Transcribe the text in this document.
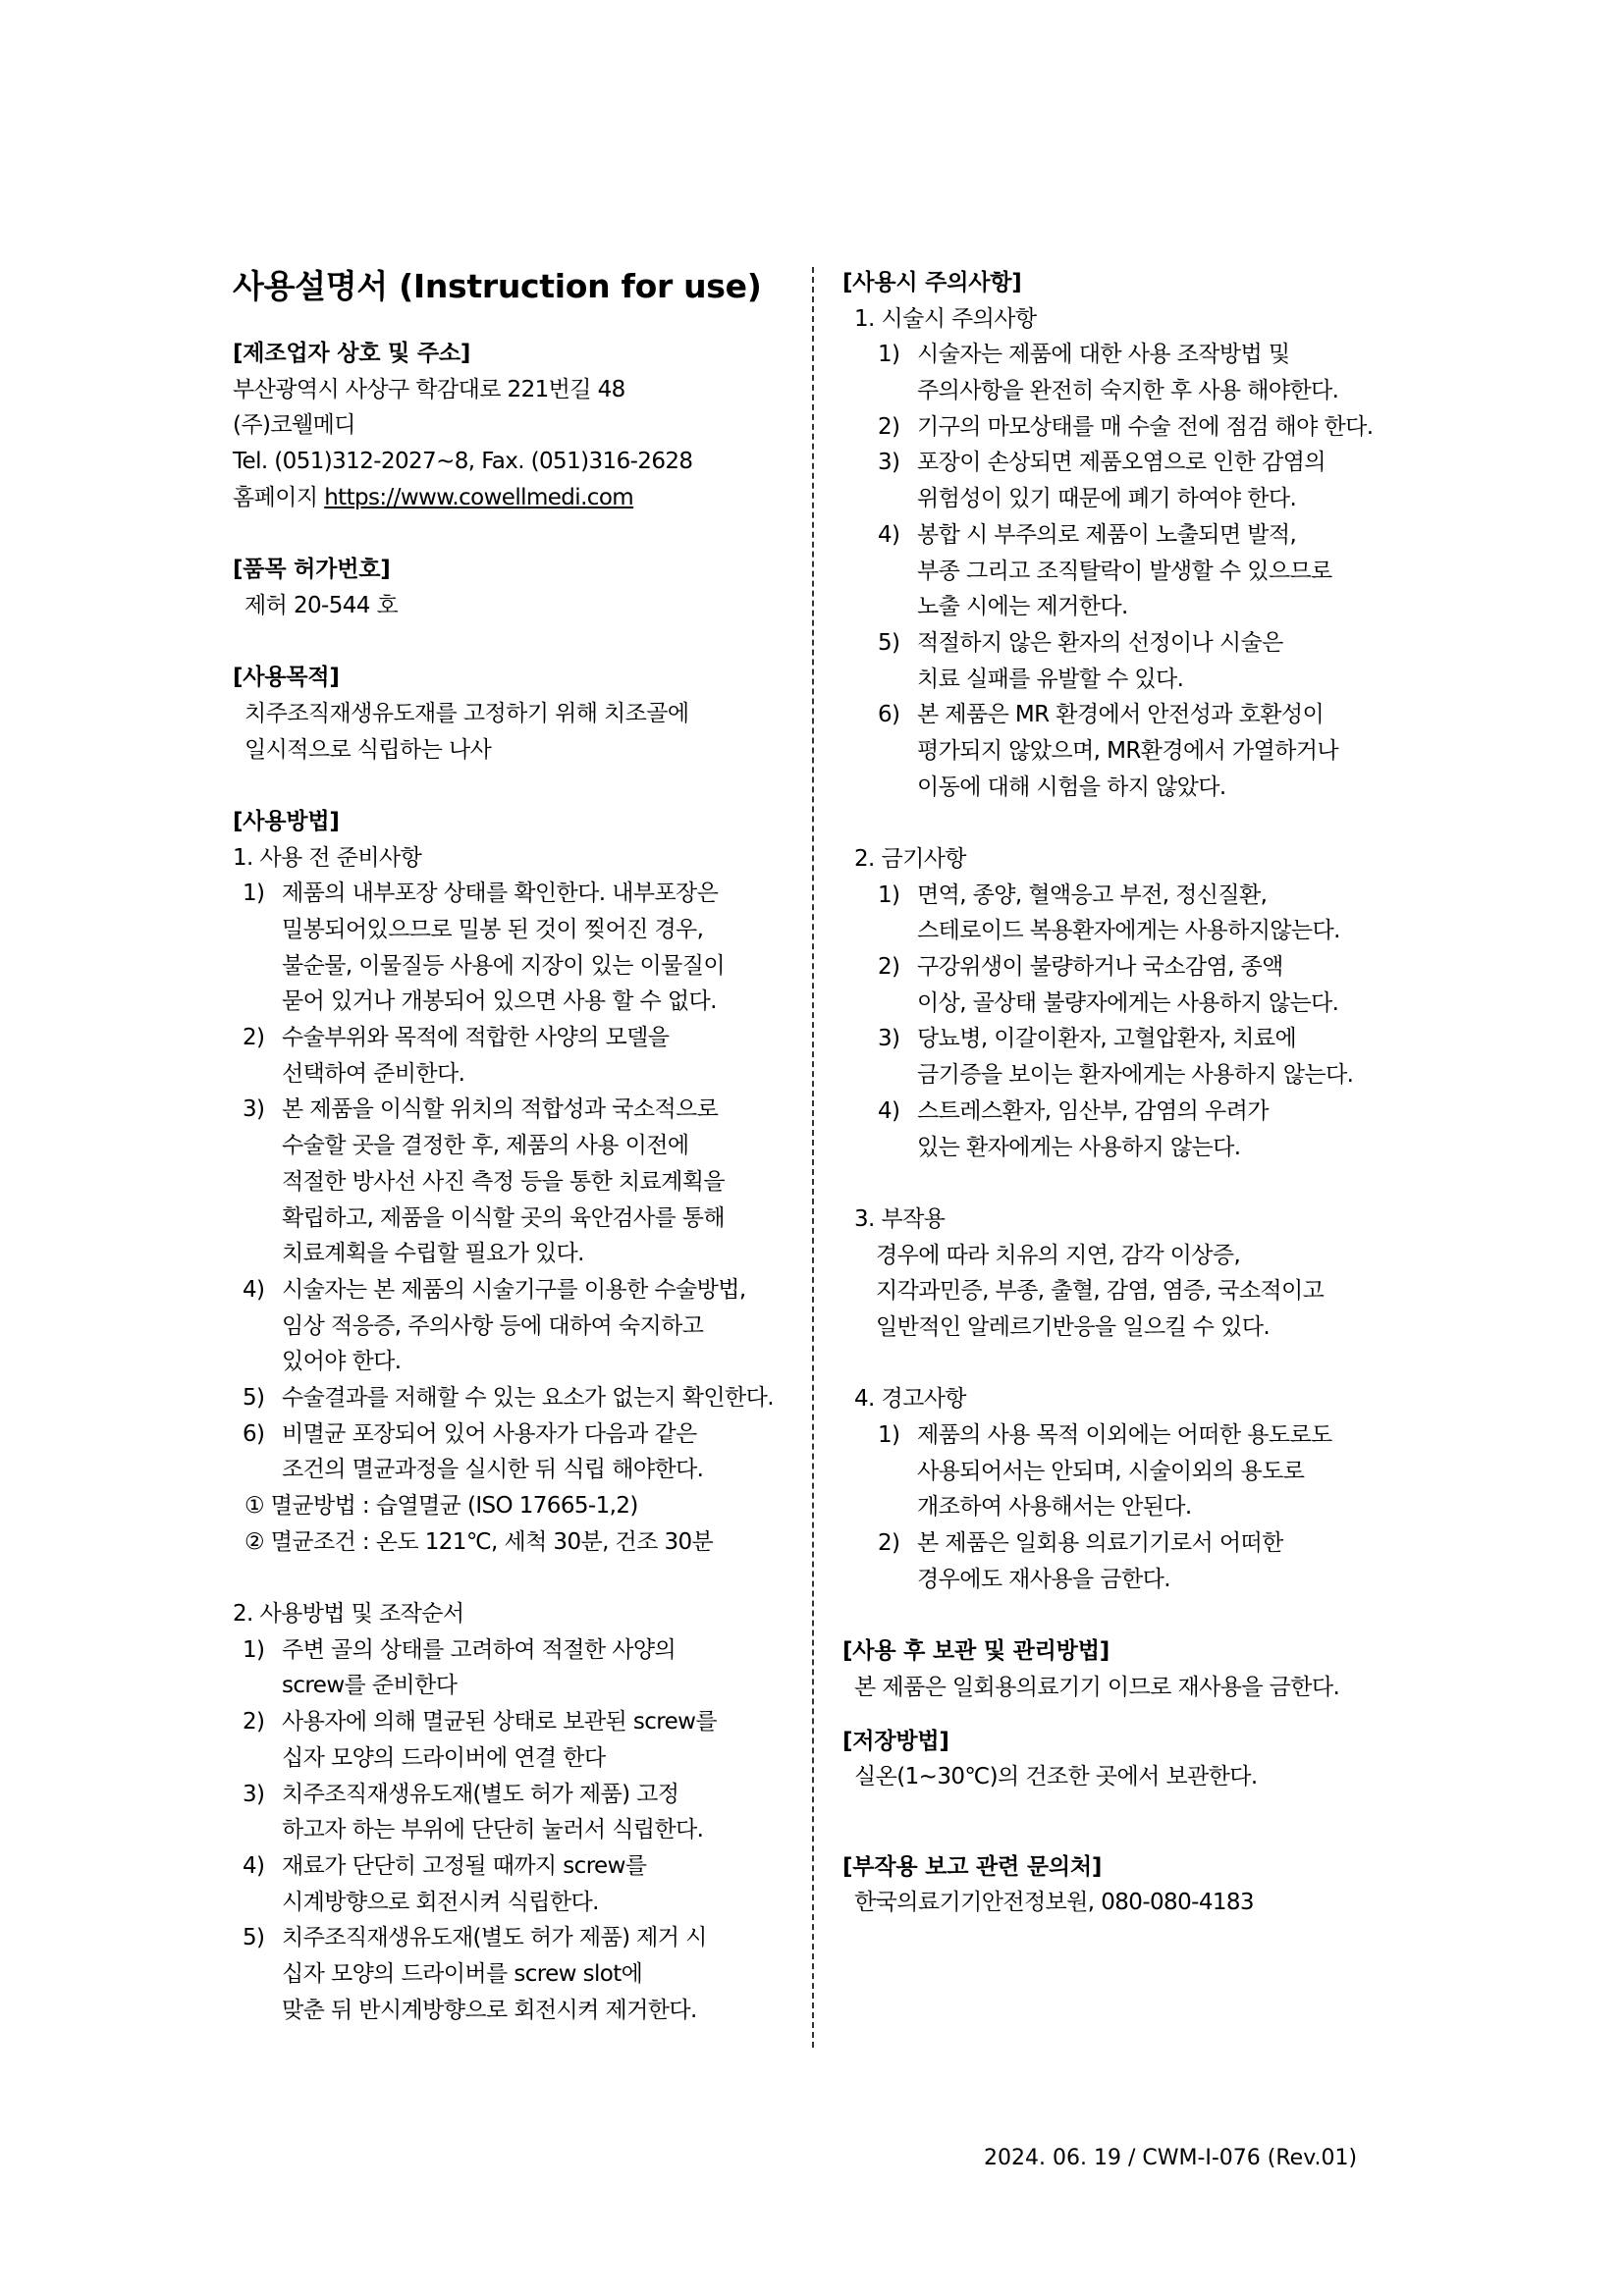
사용설명서 (Instruction for use)
[제조업자 상호 및 주소]
부산광역시 사상구 학감대로 221번길 48
(주)코웰메디
Tel. (051)312-2027~8, Fax. (051)316-2628
홈페이지 https://www.cowellmedi.com
[품목 허가번호]
제허 20-544 호
[사용목적]
치주조직재생유도재를 고정하기 위해 치조골에
일시적으로 식립하는 나사
[사용방법]
1. 사용 전 준비사항
1) 제품의 내부포장 상태를 확인한다. 내부포장은
밀봉되어있으므로 밀봉 된 것이 찢어진 경우,
불순물, 이물질등 사용에 지장이 있는 이물질이
묻어 있거나 개봉되어 있으면 사용 할 수 없다.
2) 수술부위와 목적에 적합한 사양의 모델을
선택하여 준비한다.
3) 본 제품을 이식할 위치의 적합성과 국소적으로
수술할 곳을 결정한 후, 제품의 사용 이전에
적절한 방사선 사진 측정 등을 통한 치료계획을
확립하고, 제품을 이식할 곳의 육안검사를 통해
치료계획을 수립할 필요가 있다.
4) 시술자는 본 제품의 시술기구를 이용한 수술방법,
임상 적응증, 주의사항 등에 대하여 숙지하고
있어야 한다.
5) 수술결과를 저해할 수 있는 요소가 없는지 확인한다.
6) 비멸균 포장되어 있어 사용자가 다음과 같은
조건의 멸균과정을 실시한 뒤 식립 해야한다.
① 멸균방법 : 습열멸균 (ISO 17665-1,2)
② 멸균조건 : 온도 121℃, 세척 30분, 건조 30분
2. 사용방법 및 조작순서
1) 주변 골의 상태를 고려하여 적절한 사양의
screw를 준비한다
2) 사용자에 의해 멸균된 상태로 보관된 screw를
십자 모양의 드라이버에 연결 한다
3) 치주조직재생유도재(별도 허가 제품) 고정
하고자 하는 부위에 단단히 눌러서 식립한다.
4) 재료가 단단히 고정될 때까지 screw를
시계방향으로 회전시켜 식립한다.
5) 치주조직재생유도재(별도 허가 제품) 제거 시
십자 모양의 드라이버를 screw slot에
맞춘 뒤 반시계방향으로 회전시켜 제거한다.
[사용시 주의사항]
1. 시술시 주의사항
1) 시술자는 제품에 대한 사용 조작방법 및
주의사항을 완전히 숙지한 후 사용 해야한다.
2) 기구의 마모상태를 매 수술 전에 점검 해야 한다.
3) 포장이 손상되면 제품오염으로 인한 감염의
위험성이 있기 때문에 폐기 하여야 한다.
4) 봉합 시 부주의로 제품이 노출되면 발적,
부종 그리고 조직탈락이 발생할 수 있으므로
노출 시에는 제거한다.
5) 적절하지 않은 환자의 선정이나 시술은
치료 실패를 유발할 수 있다.
6) 본 제품은 MR 환경에서 안전성과 호환성이
평가되지 않았으며, MR환경에서 가열하거나
이동에 대해 시험을 하지 않았다.
2. 금기사항
1) 면역, 종양, 혈액응고 부전, 정신질환,
스테로이드 복용환자에게는 사용하지않는다.
2) 구강위생이 불량하거나 국소감염, 종액
이상, 골상태 불량자에게는 사용하지 않는다.
3) 당뇨병, 이갈이환자, 고혈압환자, 치료에
금기증을 보이는 환자에게는 사용하지 않는다.
4) 스트레스환자, 임산부, 감염의 우려가
있는 환자에게는 사용하지 않는다.
3. 부작용
경우에 따라 치유의 지연, 감각 이상증,
지각과민증, 부종, 출혈, 감염, 염증, 국소적이고
일반적인 알레르기반응을 일으킬 수 있다.
4. 경고사항
1) 제품의 사용 목적 이외에는 어떠한 용도로도
사용되어서는 안되며, 시술이외의 용도로
개조하여 사용해서는 안된다.
2) 본 제품은 일회용 의료기기로서 어떠한
경우에도 재사용을 금한다.
[사용 후 보관 및 관리방법]
본 제품은 일회용의료기기 이므로 재사용을 금한다.
[저장방법]
실온(1~30℃)의 건조한 곳에서 보관한다.
[부작용 보고 관련 문의처]
한국의료기기안전정보원, 080-080-4183
2024. 06. 19 / CWM-I-076 (Rev.01)
